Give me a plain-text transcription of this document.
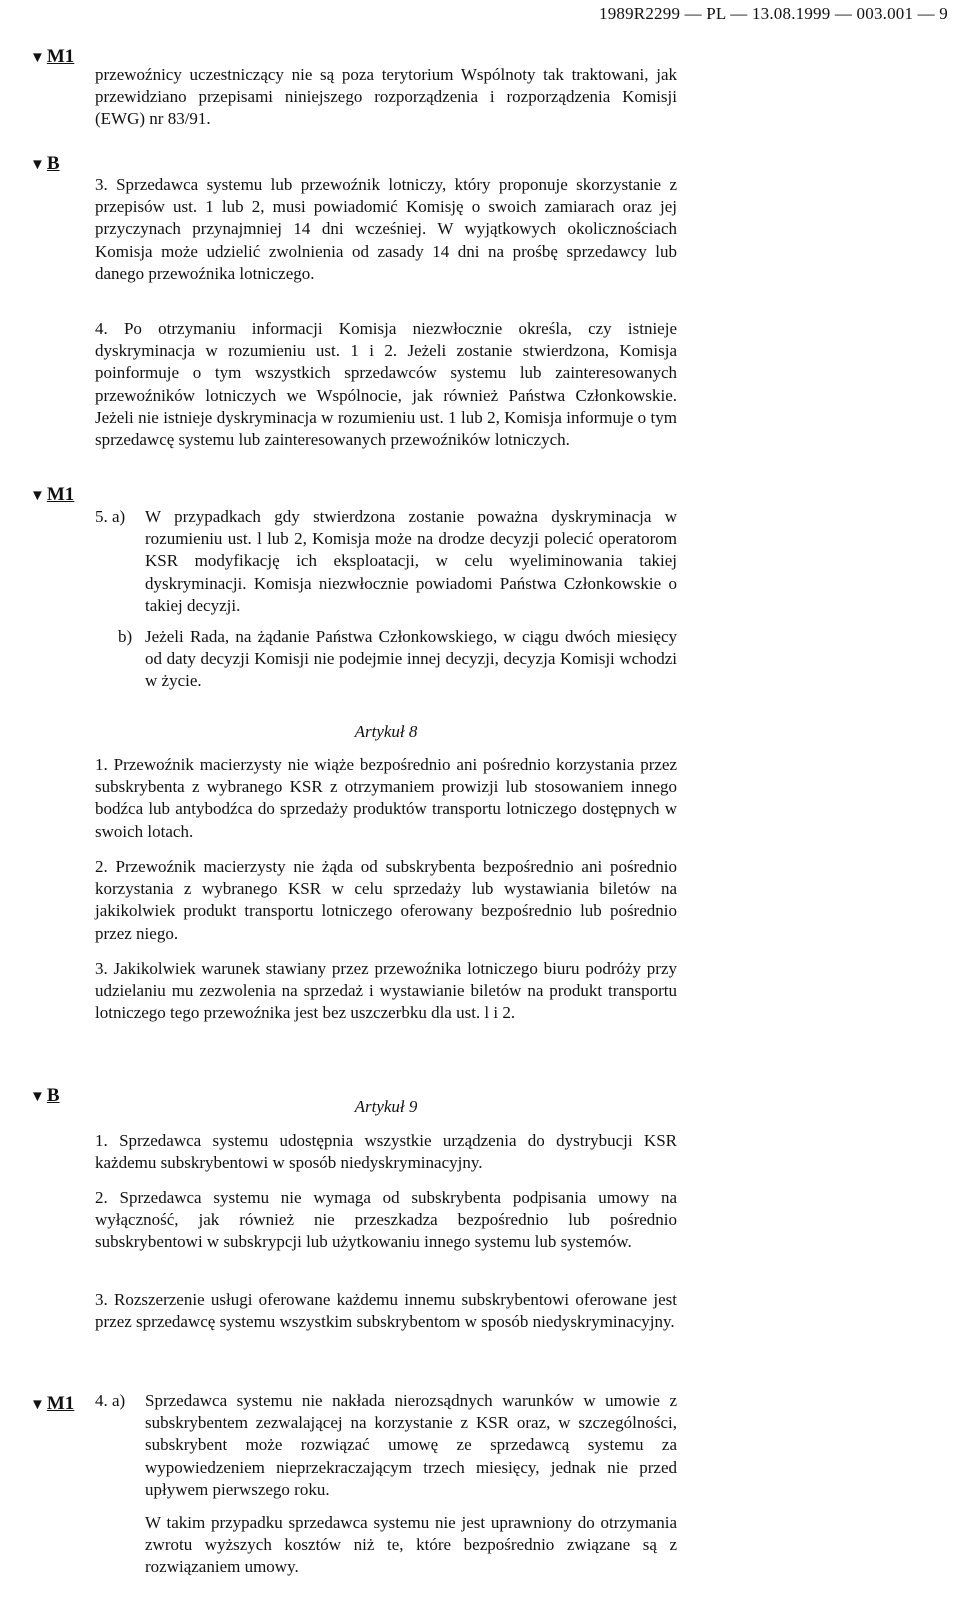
1989R2299 — PL — 13.08.1999 — 003.001 — 9
▼ M1
▼ B
▼ M1
▼ B
▼ M1

przewoźnicy uczestniczący nie są poza terytorium Wspólnoty tak traktowani, jak przewidziano przepisami niniejszego rozporządzenia i rozporządzenia Komisji (EWG) nr 83/91.

3. Sprzedawca systemu lub przewoźnik lotniczy, który proponuje skorzystanie z przepisów ust. 1 lub 2, musi powiadomić Komisję o swoich zamiarach oraz jej przyczynach przynajmniej 14 dni wcześniej. W wyjątkowych okolicznościach Komisja może udzielić zwolnienia od zasady 14 dni na prośbę sprzedawcy lub danego przewoźnika lotniczego.

4. Po otrzymaniu informacji Komisja niezwłocznie określa, czy istnieje dyskryminacja w rozumieniu ust. 1 i 2. Jeżeli zostanie stwierdzona, Komisja poinformuje o tym wszystkich sprzedawców systemu lub zainteresowanych przewoźników lotniczych we Wspólnocie, jak również Państwa Członkowskie. Jeżeli nie istnieje dyskryminacja w rozumieniu ust. 1 lub 2, Komisja informuje o tym sprzedawcę systemu lub zainteresowanych przewoźników lotniczych.

5. a) W przypadkach gdy stwierdzona zostanie poważna dyskryminacja w rozumieniu ust. l lub 2, Komisja może na drodze decyzji polecić operatorom KSR modyfikację ich eksploatacji, w celu wyeliminowania takiej dyskryminacji. Komisja niezwłocznie powiadomi Państwa Członkowskie o takiej decyzji.

b) Jeżeli Rada, na żądanie Państwa Członkowskiego, w ciągu dwóch miesięcy od daty decyzji Komisji nie podejmie innej decyzji, decyzja Komisji wchodzi w życie.

Artykuł 8

1. Przewoźnik macierzysty nie wiąże bezpośrednio ani pośrednio korzystania przez subskrybenta z wybranego KSR z otrzymaniem prowizji lub stosowaniem innego bodźca lub antybodźca do sprzedaży produktów transportu lotniczego dostępnych w swoich lotach.

2. Przewoźnik macierzysty nie żąda od subskrybenta bezpośrednio ani pośrednio korzystania z wybranego KSR w celu sprzedaży lub wystawiania biletów na jakikolwiek produkt transportu lotniczego oferowany bezpośrednio lub pośrednio przez niego.

3. Jakikolwiek warunek stawiany przez przewoźnika lotniczego biuru podróży przy udzielaniu mu zezwolenia na sprzedaż i wystawianie biletów na produkt transportu lotniczego tego przewoźnika jest bez uszczerbku dla ust. l i 2.

Artykuł 9

1. Sprzedawca systemu udostępnia wszystkie urządzenia do dystrybucji KSR każdemu subskrybentowi w sposób niedyskryminacyjny.

2. Sprzedawca systemu nie wymaga od subskrybenta podpisania umowy na wyłączność, jak również nie przeszkadza bezpośrednio lub pośrednio subskrybentowi w subskrypcji lub użytkowaniu innego systemu lub systemów.

3. Rozszerzenie usługi oferowane każdemu innemu subskrybentowi oferowane jest przez sprzedawcę systemu wszystkim subskrybentom w sposób niedyskryminacyjny.

4. a) Sprzedawca systemu nie nakłada nierozsądnych warunków w umowie z subskrybentem zezwalającej na korzystanie z KSR oraz, w szczególności, subskrybent może rozwiązać umowę ze sprzedawcą systemu za wypowiedzeniem nieprzekraczającym trzech miesięcy, jednak nie przed upływem pierwszego roku.

W takim przypadku sprzedawca systemu nie jest uprawniony do otrzymania zwrotu wyższych kosztów niż te, które bezpośrednio związane są z rozwiązaniem umowy.
